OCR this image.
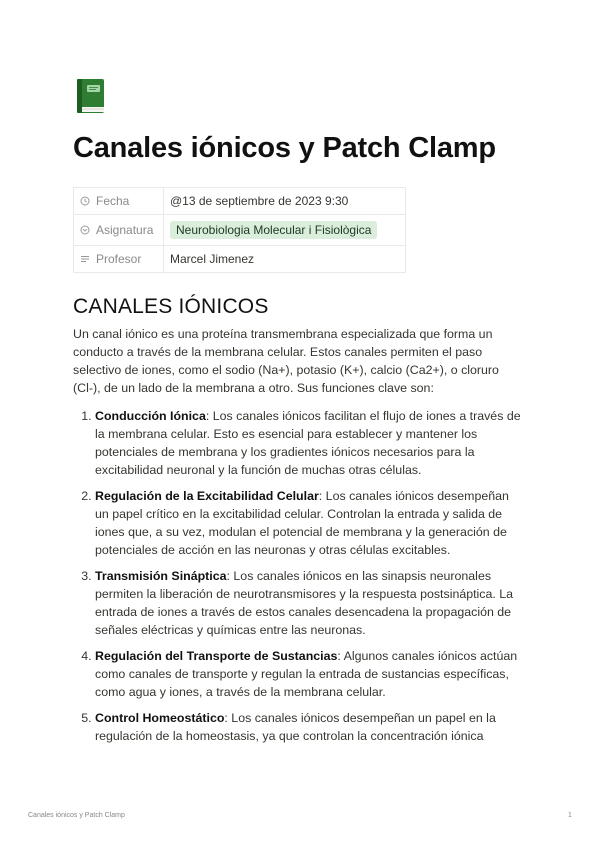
Canales iónicos y Patch Clamp
Fecha	@13 de septiembre de 2023 9:30
Asignatura	Neurobiologia Molecular i Fisiològica
Profesor	Marcel Jimenez
CANALES IÓNICOS

Un canal iónico es una proteína transmembrana especializada que forma un conducto a través de la membrana celular. Estos canales permiten el paso selectivo de iones, como el sodio (Na+), potasio (K+), calcio (Ca2+), o cloruro (Cl-), de un lado de la membrana a otro. Sus funciones clave son:

1. Conducción Iónica: Los canales iónicos facilitan el flujo de iones a través de la membrana celular. Esto es esencial para establecer y mantener los potenciales de membrana y los gradientes iónicos necesarios para la excitabilidad neuronal y la función de muchas otras células.
2. Regulación de la Excitabilidad Celular: Los canales iónicos desempeñan un papel crítico en la excitabilidad celular. Controlan la entrada y salida de iones que, a su vez, modulan el potencial de membrana y la generación de potenciales de acción en las neuronas y otras células excitables.
3. Transmisión Sináptica: Los canales iónicos en las sinapsis neuronales permiten la liberación de neurotransmisores y la respuesta postsináptica. La entrada de iones a través de estos canales desencadena la propagación de señales eléctricas y químicas entre las neuronas.
4. Regulación del Transporte de Sustancias: Algunos canales iónicos actúan como canales de transporte y regulan la entrada de sustancias específicas, como agua y iones, a través de la membrana celular.
5. Control Homeostático: Los canales iónicos desempeñan un papel en la regulación de la homeostasis, ya que controlan la concentración iónica
Canales iónicos y Patch Clamp	1
